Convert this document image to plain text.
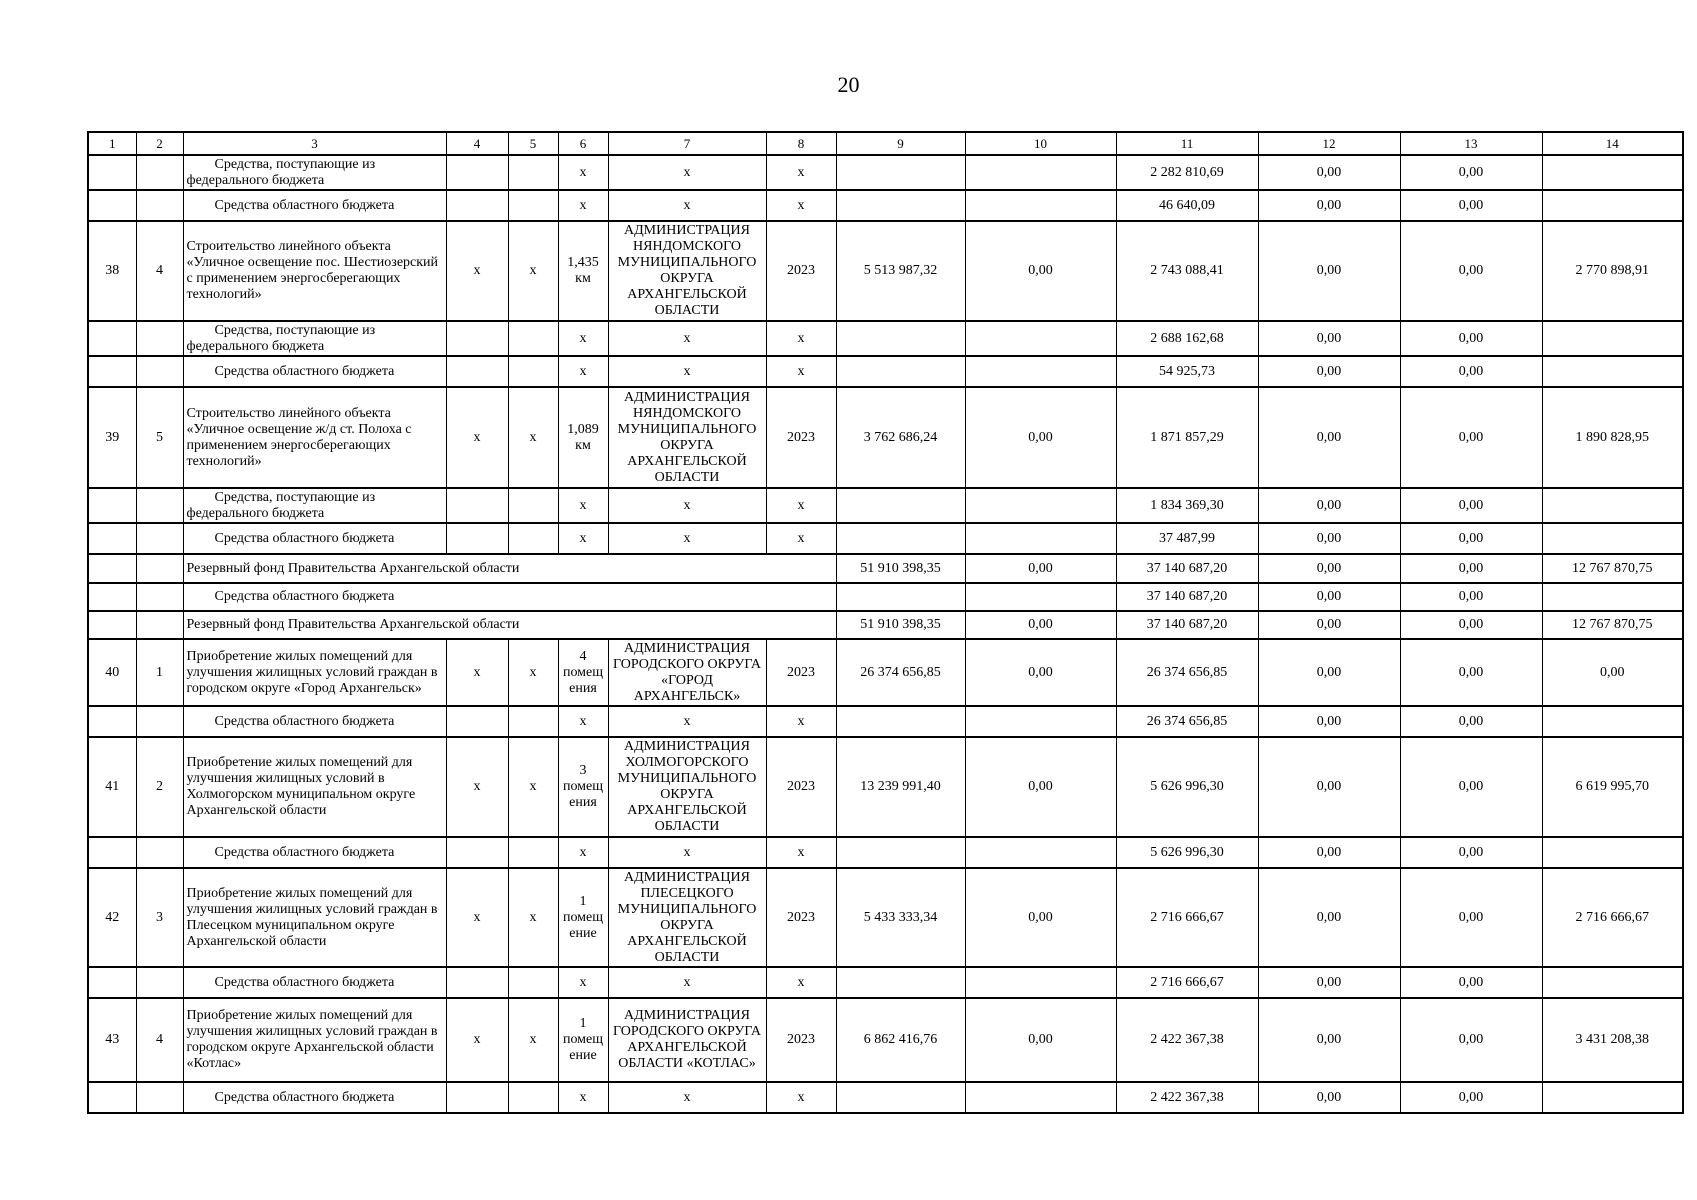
20
1	2	3	4	5	6	7	8	9	10	11	12	13	14
		Средства, поступающие из федерального бюджета			х	х	х			2 282 810,69	0,00	0,00	
		Средства областного бюджета			х	х	х			46 640,09	0,00	0,00	
38	4	Строительство линейного объекта «Уличное освещение пос. Шестиозерский с применением энергосберегающих технологий»	х	х	1,435 км	АДМИНИСТРАЦИЯ НЯНДОМСКОГО МУНИЦИПАЛЬНОГО ОКРУГА АРХАНГЕЛЬСКОЙ ОБЛАСТИ	2023	5 513 987,32	0,00	2 743 088,41	0,00	0,00	2 770 898,91
		Средства, поступающие из федерального бюджета			х	х	х			2 688 162,68	0,00	0,00	
		Средства областного бюджета			х	х	х			54 925,73	0,00	0,00	
39	5	Строительство линейного объекта «Уличное освещение ж/д ст. Полоха с применением энергосберегающих технологий»	х	х	1,089 км	АДМИНИСТРАЦИЯ НЯНДОМСКОГО МУНИЦИПАЛЬНОГО ОКРУГА АРХАНГЕЛЬСКОЙ ОБЛАСТИ	2023	3 762 686,24	0,00	1 871 857,29	0,00	0,00	1 890 828,95
		Средства, поступающие из федерального бюджета			х	х	х			1 834 369,30	0,00	0,00	
		Средства областного бюджета			х	х	х			37 487,99	0,00	0,00	
		Резервный фонд Правительства Архангельской области						51 910 398,35	0,00	37 140 687,20	0,00	0,00	12 767 870,75
		Средства областного бюджета								37 140 687,20	0,00	0,00	
		Резервный фонд Правительства Архангельской области						51 910 398,35	0,00	37 140 687,20	0,00	0,00	12 767 870,75
40	1	Приобретение жилых помещений для улучшения жилищных условий граждан в городском округе «Город Архангельск»	х	х	4 помещения	АДМИНИСТРАЦИЯ ГОРОДСКОГО ОКРУГА «ГОРОД АРХАНГЕЛЬСК»	2023	26 374 656,85	0,00	26 374 656,85	0,00	0,00	0,00
		Средства областного бюджета			х	х	х			26 374 656,85	0,00	0,00	
41	2	Приобретение жилых помещений для улучшения жилищных условий в Холмогорском муниципальном округе Архангельской области	х	х	3 помещения	АДМИНИСТРАЦИЯ ХОЛМОГОРСКОГО МУНИЦИПАЛЬНОГО ОКРУГА АРХАНГЕЛЬСКОЙ ОБЛАСТИ	2023	13 239 991,40	0,00	5 626 996,30	0,00	0,00	6 619 995,70
		Средства областного бюджета			х	х	х			5 626 996,30	0,00	0,00	
42	3	Приобретение жилых помещений для улучшения жилищных условий граждан в Плесецком муниципальном округе Архангельской области	х	х	1 помещение	АДМИНИСТРАЦИЯ ПЛЕСЕЦКОГО МУНИЦИПАЛЬНОГО ОКРУГА АРХАНГЕЛЬСКОЙ ОБЛАСТИ	2023	5 433 333,34	0,00	2 716 666,67	0,00	0,00	2 716 666,67
		Средства областного бюджета			х	х	х			2 716 666,67	0,00	0,00	
43	4	Приобретение жилых помещений для улучшения жилищных условий граждан в городском округе Архангельской области «Котлас»	х	х	1 помещение	АДМИНИСТРАЦИЯ ГОРОДСКОГО ОКРУГА АРХАНГЕЛЬСКОЙ ОБЛАСТИ «КОТЛАС»	2023	6 862 416,76	0,00	2 422 367,38	0,00	0,00	3 431 208,38
		Средства областного бюджета			х	х	х			2 422 367,38	0,00	0,00	
